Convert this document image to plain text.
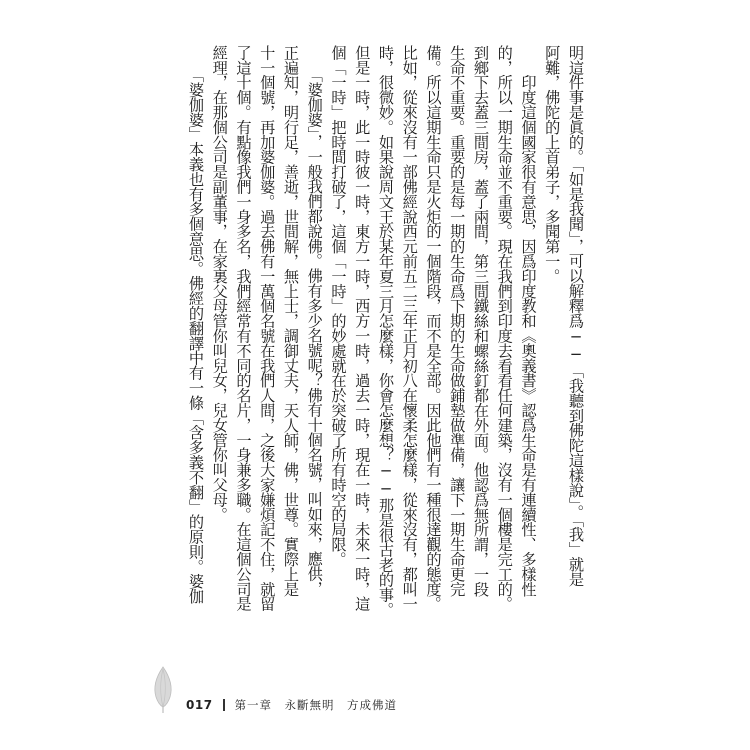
明這件事是眞的。「如是我聞」，可以解釋爲──「我聽到佛陀這樣說」。「我」就是
阿難，佛陀的上首弟子，多聞第一。
　　印度這個國家很有意思，因爲印度教和《奧義書》認爲生命是有連續性、多樣性
的，所以一期生命並不重要。現在我們到印度去看看任何建築，沒有一個樓是完工的。
到鄉下去蓋三間房，蓋了兩間，第三間鐵絲和螺絲釘都在外面。他認爲無所謂，一段
生命不重要。重要的是每一期的生命爲下期的生命做鋪墊做準備，讓下一期生命更完
備。所以這期生命只是火炬的一個階段，而不是全部。因此他們有一種很達觀的態度。
比如，從來沒有一部佛經說西元前五二三年正月初八在懷柔怎麼樣，從來沒有，都叫一
時，很微妙。如果說周文王於某年夏三月怎麼樣，你會怎麼想？──那是很古老的事。
但是一時，此一時彼一時，東方一時，西方一時，過去一時，現在一時，未來一時，這
個「一時」把時間打破了，這個「一時」的妙處就在於突破了所有時空的局限。
　　「婆伽婆」，一般我們都說佛。佛有多少名號呢？佛有十個名號，叫如來，應供，
正遍知，明行足，善逝，世間解，無上士，調御丈夫，天人師，佛，世尊。實際上是
十一個號，再加婆伽婆。過去佛有一萬個名號在我們人間，之後大家嫌煩記不住，就留
了這十個。有點像我們一身多名，我們經常有不同的名片，一身兼多職。在這個公司是
經理，在那個公司是副董事，在家裏父母管你叫兒女，兒女管你叫父母。
　　「婆伽婆」本義也有多個意思。佛經的翻譯中有一條「含多義不翻」的原則。婆伽
017 第一章　永斷無明　方成佛道
